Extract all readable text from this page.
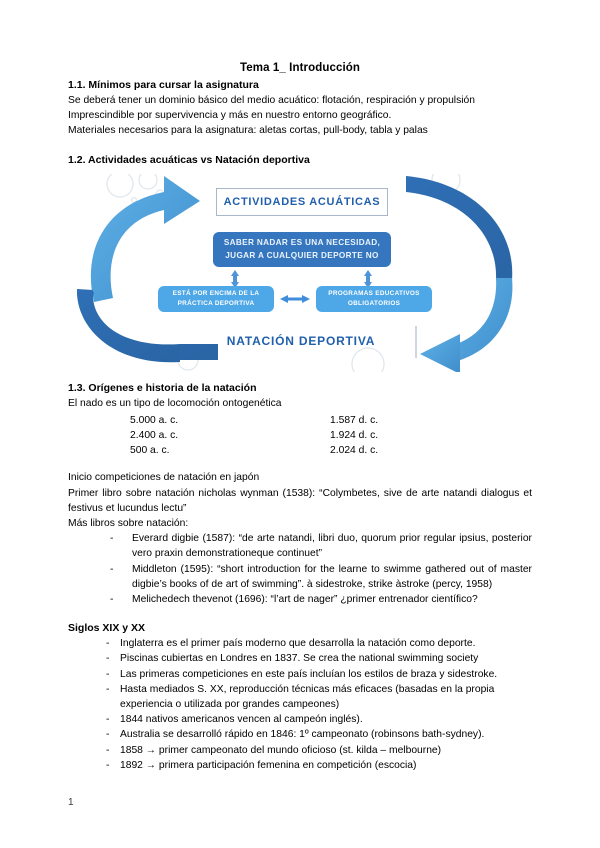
Tema 1_ Introducción
1.1. Mínimos para cursar la asignatura
Se deberá tener un dominio básico del medio acuático: flotación, respiración y propulsión
Imprescindible por supervivencia y más en nuestro entorno geográfico.
Materiales necesarios para la asignatura: aletas cortas, pull-body, tabla y palas
1.2. Actividades acuáticas vs Natación deportiva
ACTIVIDADES ACUÁTICAS
SABER NADAR ES UNA NECESIDAD,
JUGAR A CUALQUIER DEPORTE NO
ESTÁ POR ENCIMA DE LA
PRÁCTICA DEPORTIVA
PROGRAMAS EDUCATIVOS
OBLIGATORIOS
NATACIÓN DEPORTIVA
1.3. Orígenes e historia de la natación
El nado es un tipo de locomoción ontogenética
	5.000 a. c.	1.587 d. c.
	2.400 a. c.	1.924 d. c.
	500 a. c.	2.024 d. c.
Inicio competiciones de natación en japón
Primer libro sobre natación nicholas wynman (1538): “Colymbetes, sive de arte natandi dialogus et festivus et lucundus lectu”
Más libros sobre natación:
- Everard digbie (1587): “de arte natandi, libri duo, quorum prior regular ipsius, posterior vero praxin demonstrationeque continuet”
- Middleton (1595): “short introduction for the learne to swimme gathered out of master digbie’s books of de art of swimming”. à sidestroke, strike àstroke (percy, 1958)
- Melichedech thevenot (1696): “l’art de nager” ¿primer entrenador científico?
Siglos XIX y XX
- Inglaterra es el primer país moderno que desarrolla la natación como deporte.
- Piscinas cubiertas en Londres en 1837. Se crea the national swimming society
- Las primeras competiciones en este país incluían los estilos de braza y sidestroke.
- Hasta mediados S. XX, reproducción técnicas más eficaces (basadas en la propia experiencia o utilizada por grandes campeones)
- 1844 nativos americanos vencen al campeón inglés).
- Australia se desarrolló rápido en 1846: 1º campeonato (robinsons bath-sydney).
- 1858 → primer campeonato del mundo oficioso (st. kilda – melbourne)
- 1892 → primera participación femenina en competición (escocia)
1
